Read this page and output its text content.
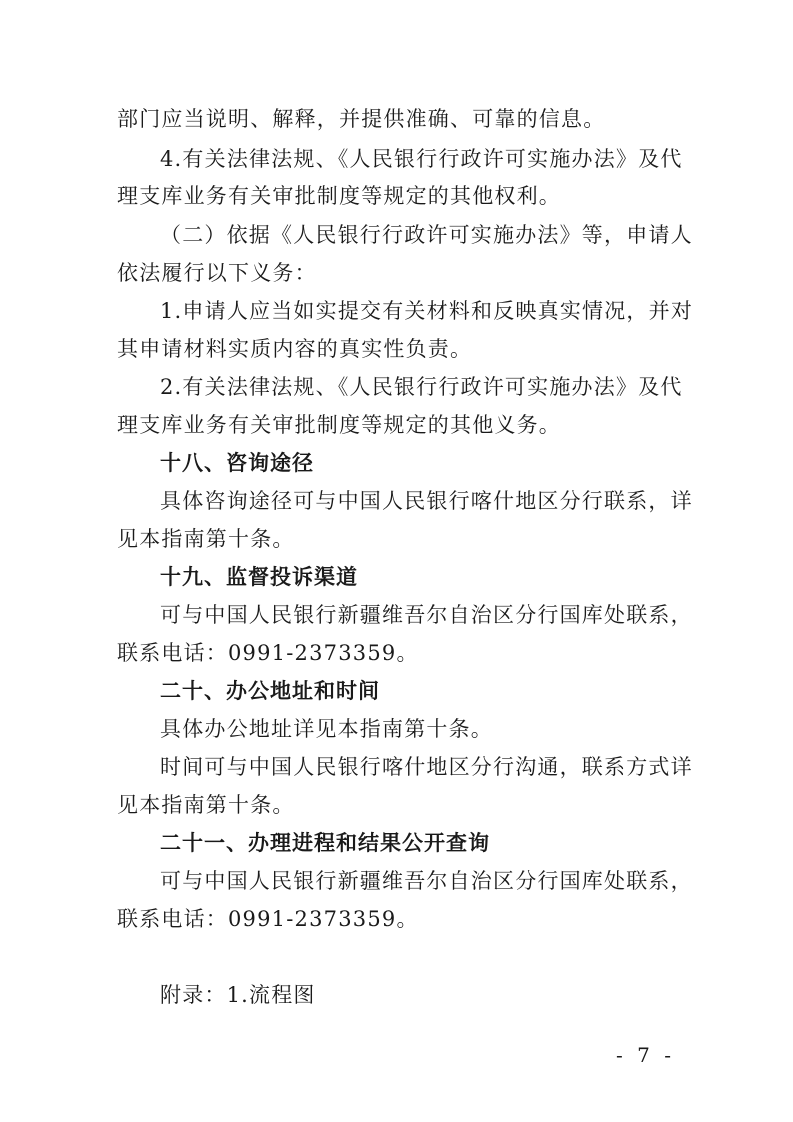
部门应当说明、解释，并提供准确、可靠的信息。
4.有关法律法规、《人民银行行政许可实施办法》及代
理支库业务有关审批制度等规定的其他权利。
（二）依据《人民银行行政许可实施办法》等，申请人
依法履行以下义务：
1.申请人应当如实提交有关材料和反映真实情况，并对
其申请材料实质内容的真实性负责。
2.有关法律法规、《人民银行行政许可实施办法》及代
理支库业务有关审批制度等规定的其他义务。
十八、咨询途径
具体咨询途径可与中国人民银行喀什地区分行联系，详
见本指南第十条。
十九、监督投诉渠道
可与中国人民银行新疆维吾尔自治区分行国库处联系，
联系电话：0991-2373359。
二十、办公地址和时间
具体办公地址详见本指南第十条。
时间可与中国人民银行喀什地区分行沟通，联系方式详
见本指南第十条。
二十一、办理进程和结果公开查询
可与中国人民银行新疆维吾尔自治区分行国库处联系，
联系电话：0991-2373359。
附录：1.流程图
- 7 -
